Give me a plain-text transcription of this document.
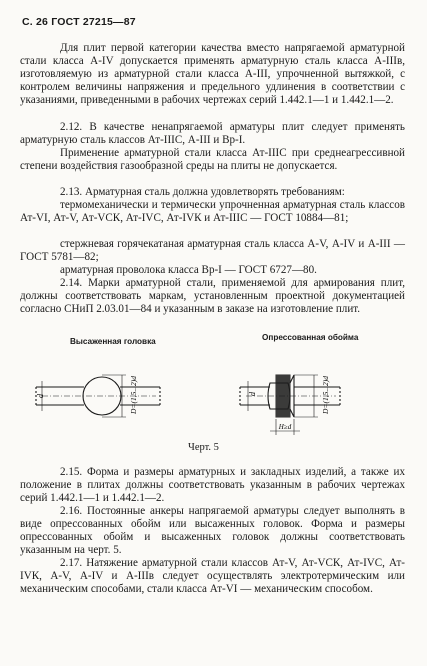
С. 26 ГОСТ 27215—87

Для плит первой категории качества вместо напрягаемой арматурной стали класса А-IV допускается применять арматурную сталь класса А-IIIв, изготовляемую из арматурной стали класса А-III, упрочненной вытяжкой, с контролем величины напряжения и предельного удлинения в соответствии с указаниями, приведенными в рабочих чертежах серий 1.442.1—1 и 1.442.1—2.

2.12. В качестве ненапрягаемой арматуры плит следует применять арматурную сталь классов Ат-IIIС, А-III и Вр-I.

Применение арматурной стали класса Ат-IIIС при среднеагрессивной степени воздействия газообразной среды на плиты не допускается.

2.13. Арматурная сталь должна удовлетворять требованиям:

термомеханически и термически упрочненная арматурная сталь классов Ат-VI, Ат-V, Ат-VСК, Ат-IVС, Ат-IVК и Ат-IIIС — ГОСТ 10884—81;

стержневая горячекатаная арматурная сталь класса А-V, А-IV и А-III — ГОСТ 5781—82;

арматурная проволока класса Вр-I — ГОСТ 6727—80.

2.14. Марки арматурной стали, применяемой для армирования плит, должны соответствовать маркам, установленным проектной документацией согласно СНиП 2.03.01—84 и указанным в заказе на изготовление плит.

Высаженная головка	Опрессованная обойма
d	D=(1,5...2)d	d	D=(1,5...2)d
H≥d
Черт. 5

2.15. Форма и размеры арматурных и закладных изделий, а также их положение в плитах должны соответствовать указанным в рабочих чертежах серий 1.442.1—1 и 1.442.1—2.

2.16. Постоянные анкеры напрягаемой арматуры следует выполнять в виде опрессованных обойм или высаженных головок. Форма и размеры опрессованных обойм и высаженных головок должны соответствовать указанным на черт. 5.

2.17. Натяжение арматурной стали классов Ат-V, Ат-VСК, Ат-IVС, Ат-IVК, А-V, А-IV и А-IIIв следует осуществлять электротермическим или механическим способами, стали класса Ат-VI — механическим способом.
